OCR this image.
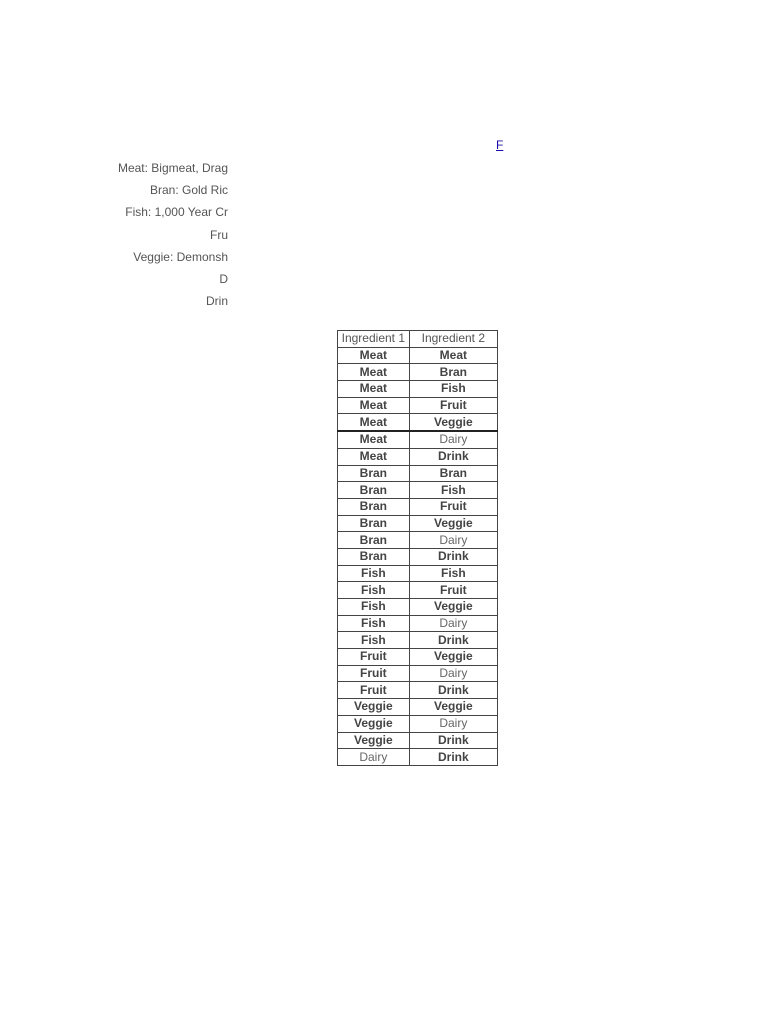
F
Meat: Bigmeat, Drag
Bran: Gold Ric
Fish: 1,000 Year Cr
Fru
Veggie: Demonsh
D
Drin
Ingredient 1	Ingredient 2
Meat	Meat
Meat	Bran
Meat	Fish
Meat	Fruit
Meat	Veggie
Meat	Dairy
Meat	Drink
Bran	Bran
Bran	Fish
Bran	Fruit
Bran	Veggie
Bran	Dairy
Bran	Drink
Fish	Fish
Fish	Fruit
Fish	Veggie
Fish	Dairy
Fish	Drink
Fruit	Veggie
Fruit	Dairy
Fruit	Drink
Veggie	Veggie
Veggie	Dairy
Veggie	Drink
Dairy	Drink
